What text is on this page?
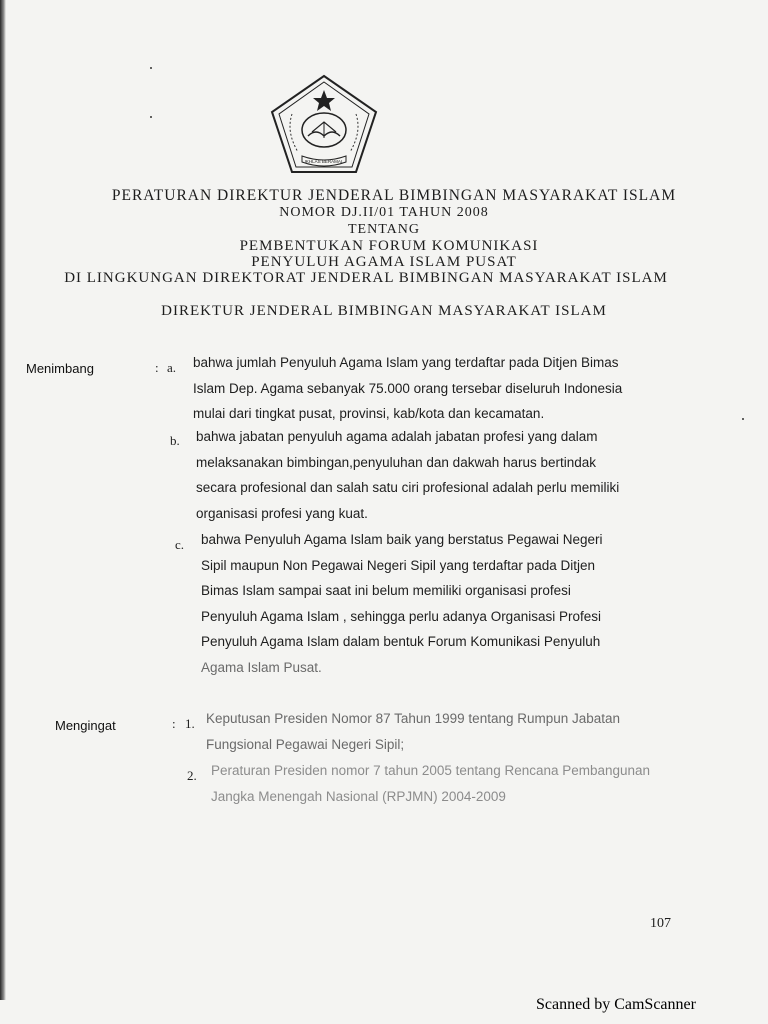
IKHLAS BERAMAL
PERATURAN DIREKTUR JENDERAL BIMBINGAN MASYARAKAT ISLAM
NOMOR DJ.II/01 TAHUN 2008
TENTANG
PEMBENTUKAN FORUM KOMUNIKASI
PENYULUH AGAMA ISLAM PUSAT
DI LINGKUNGAN DIREKTORAT JENDERAL BIMBINGAN MASYARAKAT ISLAM
DIREKTUR JENDERAL BIMBINGAN MASYARAKAT ISLAM
Menimbang	: a. bahwa jumlah Penyuluh Agama Islam yang terdaftar pada Ditjen Bimas
Islam Dep. Agama sebanyak 75.000 orang tersebar diseluruh Indonesia
mulai dari tingkat pusat, provinsi, kab/kota dan kecamatan.
b. bahwa jabatan penyuluh agama adalah jabatan profesi yang dalam
melaksanakan bimbingan,penyuluhan dan dakwah harus bertindak
secara profesional dan salah satu ciri profesional adalah perlu memiliki
organisasi profesi yang kuat.
c. bahwa Penyuluh Agama Islam baik yang berstatus Pegawai Negeri
Sipil maupun Non Pegawai Negeri Sipil yang terdaftar pada Ditjen
Bimas Islam sampai saat ini belum memiliki organisasi profesi
Penyuluh Agama Islam , sehingga perlu adanya Organisasi Profesi
Penyuluh Agama Islam dalam bentuk Forum Komunikasi Penyuluh
Agama Islam Pusat.
Mengingat	: 1. Keputusan Presiden Nomor 87 Tahun 1999 tentang Rumpun Jabatan
Fungsional Pegawai Negeri Sipil;
2. Peraturan Presiden nomor 7 tahun 2005 tentang Rencana Pembangunan
Jangka Menengah Nasional (RPJMN) 2004-2009
107
Scanned by CamScanner
